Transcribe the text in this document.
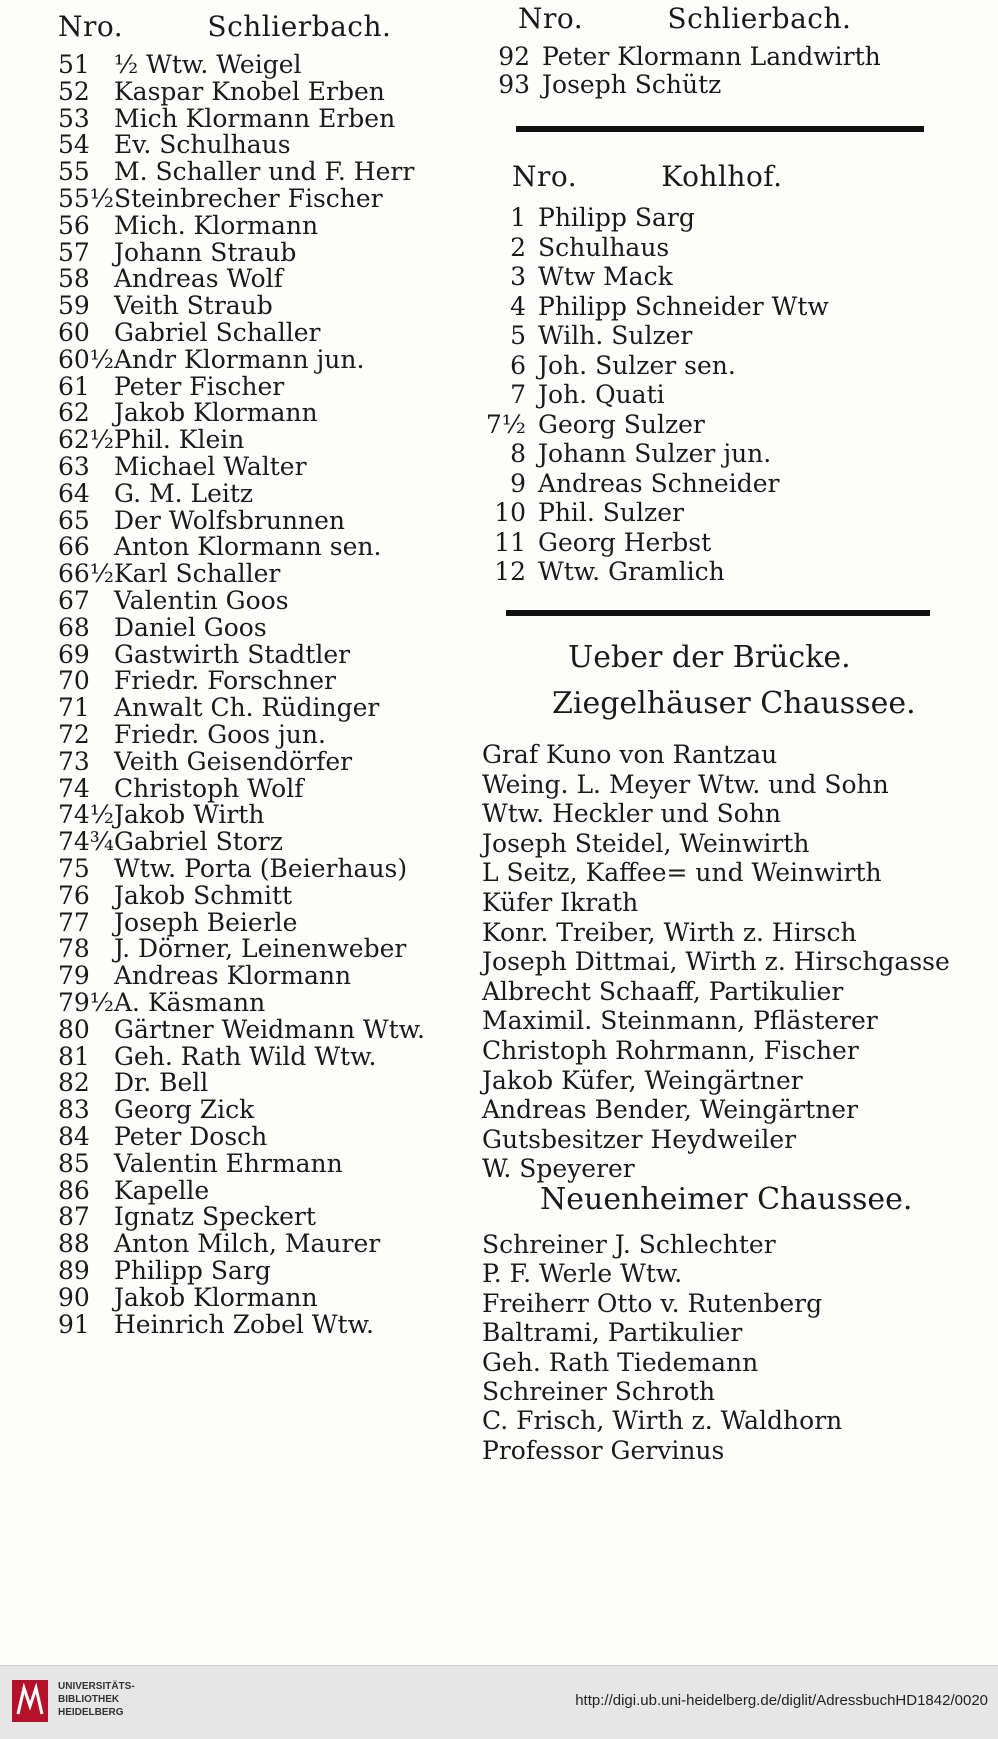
Nro.	Schlierbach.
51 ½ Wtw. Weigel
52 Kaspar Knobel Erben
53 Mich Klormann Erben
54 Ev. Schulhaus
55 M. Schaller und F. Herr
55½Steinbrecher Fischer
56 Mich. Klormann
57 Johann Straub
58 Andreas Wolf
59 Veith Straub
60 Gabriel Schaller
60½Andr Klormann jun.
61 Peter Fischer
62 Jakob Klormann
62½Phil. Klein
63 Michael Walter
64 G. M. Leitz
65 Der Wolfsbrunnen
66 Anton Klormann sen.
66½Karl Schaller
67 Valentin Goos
68 Daniel Goos
69 Gastwirth Stadtler
70 Friedr. Forschner
71 Anwalt Ch. Rüdinger
72 Friedr. Goos jun.
73 Veith Geisendörfer
74 Christoph Wolf
74½Jakob Wirth
74¾Gabriel Storz
75 Wtw. Porta (Beierhaus)
76 Jakob Schmitt
77 Joseph Beierle
78 J. Dörner, Leinenweber
79 Andreas Klormann
79½A. Käsmann
80 Gärtner Weidmann Wtw.
81 Geh. Rath Wild Wtw.
82 Dr. Bell
83 Georg Zick
84 Peter Dosch
85 Valentin Ehrmann
86 Kapelle
87 Ignatz Speckert
88 Anton Milch, Maurer
89 Philipp Sarg
90 Jakob Klormann
91 Heinrich Zobel Wtw.
Nro.	Schlierbach.
92 Peter Klormann Landwirth
93 Joseph Schütz
Nro.	Kohlhof.
1 Philipp Sarg
2 Schulhaus
3 Wtw Mack
4 Philipp Schneider Wtw
5 Wilh. Sulzer
6 Joh. Sulzer sen.
7 Joh. Quati
7½ Georg Sulzer
8 Johann Sulzer jun.
9 Andreas Schneider
10 Phil. Sulzer
11 Georg Herbst
12 Wtw. Gramlich
Ueber der Brücke.
Ziegelhäuser Chaussee.
Graf Kuno von Rantzau
Weing. L. Meyer Wtw. und Sohn
Wtw. Heckler und Sohn
Joseph Steidel, Weinwirth
L Seitz, Kaffee= und Weinwirth
Küfer Ikrath
Konr. Treiber, Wirth z. Hirsch
Joseph Dittmai, Wirth z. Hirschgasse
Albrecht Schaaff, Partikulier
Maximil. Steinmann, Pflästerer
Christoph Rohrmann, Fischer
Jakob Küfer, Weingärtner
Andreas Bender, Weingärtner
Gutsbesitzer Heydweiler
W. Speyerer
Neuenheimer Chaussee.
Schreiner J. Schlechter
P. F. Werle Wtw.
Freiherr Otto v. Rutenberg
Baltrami, Partikulier
Geh. Rath Tiedemann
Schreiner Schroth
C. Frisch, Wirth z. Waldhorn
Professor Gervinus
UNIVERSITÄTS-
BIBLIOTHEK
HEIDELBERG
http://digi.ub.uni-heidelberg.de/diglit/AdressbuchHD1842/0020
